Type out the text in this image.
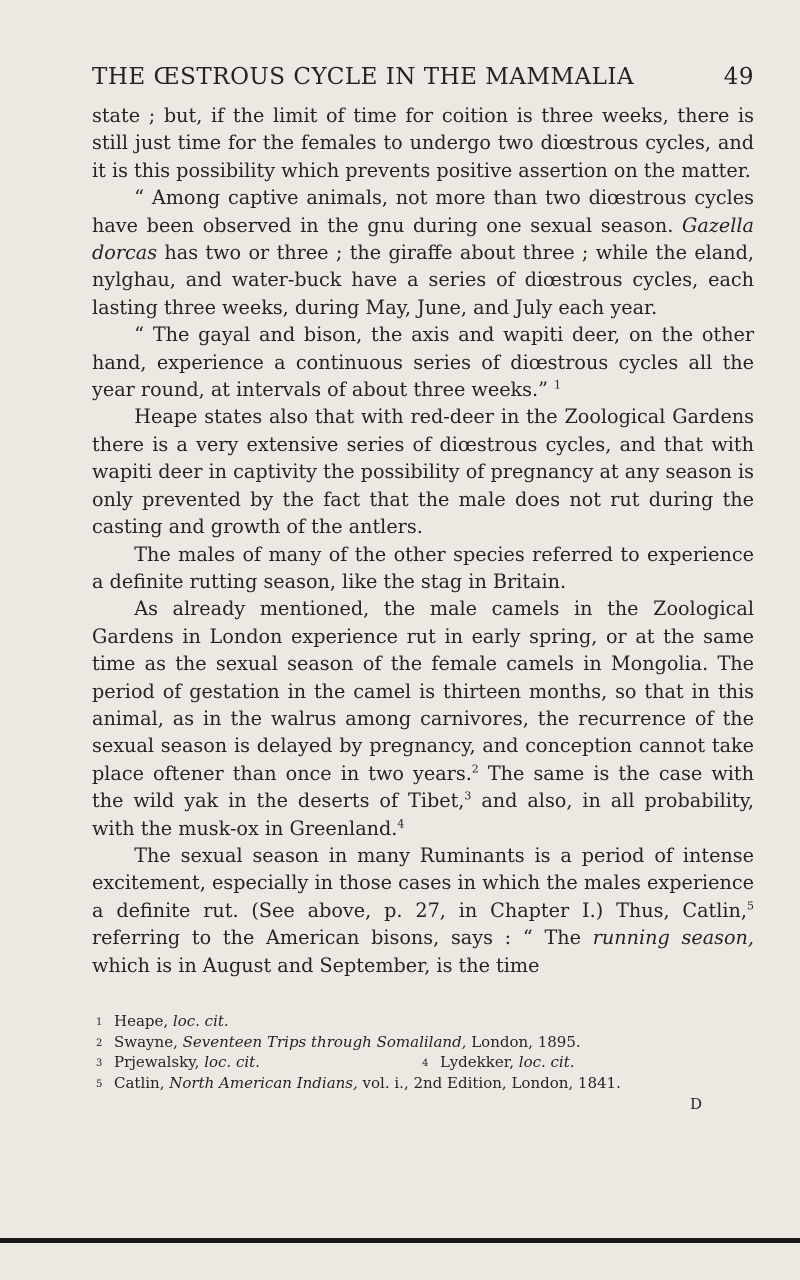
THE ŒSTROUS CYCLE IN THE MAMMALIA	49

state ; but, if the limit of time for coition is three weeks, there is still just time for the females to undergo two diœstrous cycles, and it is this possibility which prevents positive assertion on the matter.

“ Among captive animals, not more than two diœstrous cycles have been observed in the gnu during one sexual season. Gazella dorcas has two or three ; the giraffe about three ; while the eland, nylghau, and water-buck have a series of diœstrous cycles, each lasting three weeks, during May, June, and July each year.

“ The gayal and bison, the axis and wapiti deer, on the other hand, experience a continuous series of diœstrous cycles all the year round, at intervals of about three weeks.” $^1$

Heape states also that with red-deer in the Zoological Gardens there is a very extensive series of diœstrous cycles, and that with wapiti deer in captivity the possibility of pregnancy at any season is only prevented by the fact that the male does not rut during the casting and growth of the antlers.

The males of many of the other species referred to experience a definite rutting season, like the stag in Britain.

As already mentioned, the male camels in the Zoological Gardens in London experience rut in early spring, or at the same time as the sexual season of the female camels in Mongolia. The period of gestation in the camel is thirteen months, so that in this animal, as in the walrus among carnivores, the recurrence of the sexual season is delayed by pregnancy, and conception cannot take place oftener than once in two years.$^2$ The same is the case with the wild yak in the deserts of Tibet,$^3$ and also, in all probability, with the musk-ox in Greenland.$^4$

The sexual season in many Ruminants is a period of intense excitement, especially in those cases in which the males experience a definite rut. (See above, p. 27, in Chapter I.) Thus, Catlin,$^5$ referring to the American bisons, says : “ The running season, which is in August and September, is the time

1 Heape, loc. cit.
2 Swayne, Seventeen Trips through Somaliland, London, 1895.
3 Prjewalsky, loc. cit.	4 Lydekker, loc. cit.
5 Catlin, North American Indians, vol. i., 2nd Edition, London, 1841.
D
